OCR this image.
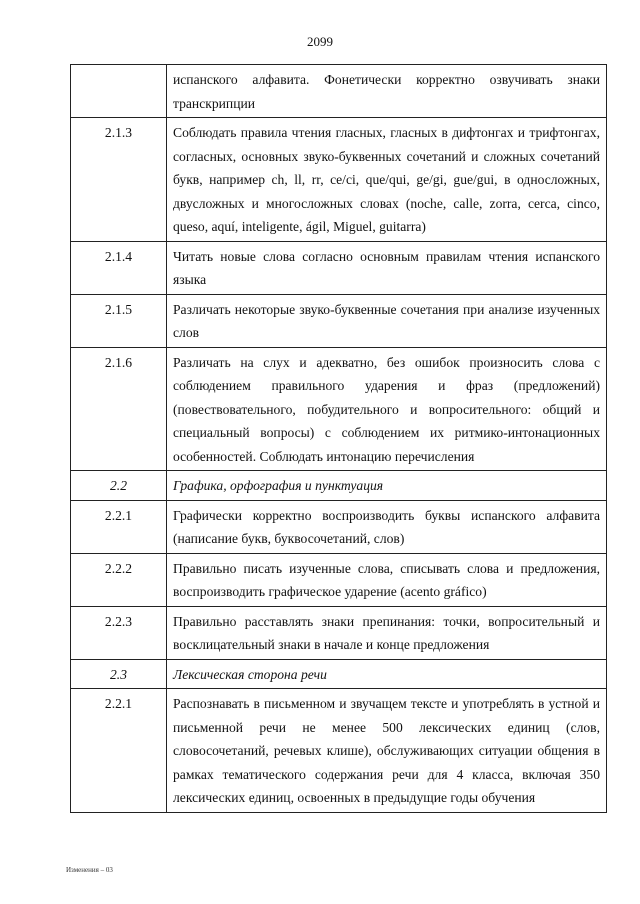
2099
	испанского алфавита. Фонетически корректно озвучивать знаки транскрипции
2.1.3	Соблюдать правила чтения гласных, гласных в дифтонгах и трифтонгах, согласных, основных звуко-буквенных сочетаний и сложных сочетаний букв, например ch, ll, rr, ce/ci, que/qui, ge/gi, gue/gui, в односложных, двусложных и многосложных словах (noche, calle, zorra, cerca, cinco, queso, aquí, inteligente, ágil, Miguel, guitarra)
2.1.4	Читать новые слова согласно основным правилам чтения испанского языка
2.1.5	Различать некоторые звуко-буквенные сочетания при анализе изученных слов
2.1.6	Различать на слух и адекватно, без ошибок произносить слова с соблюдением правильного ударения и фраз (предложений) (повествовательного, побудительного и вопросительного: общий и специальный вопросы) с соблюдением их ритмико-интонационных особенностей. Соблюдать интонацию перечисления
2.2	Графика, орфография и пунктуация
2.2.1	Графически корректно воспроизводить буквы испанского алфавита (написание букв, буквосочетаний, слов)
2.2.2	Правильно писать изученные слова, списывать слова и предложения, воспроизводить графическое ударение (acento gráfico)
2.2.3	Правильно расставлять знаки препинания: точки, вопросительный и восклицательный знаки в начале и конце предложения
2.3	Лексическая сторона речи
2.2.1	Распознавать в письменном и звучащем тексте и употреблять в устной и письменной речи не менее 500 лексических единиц (слов, словосочетаний, речевых клише), обслуживающих ситуации общения в рамках тематического содержания речи для 4 класса, включая 350 лексических единиц, освоенных в предыдущие годы обучения
Изменения – 03
